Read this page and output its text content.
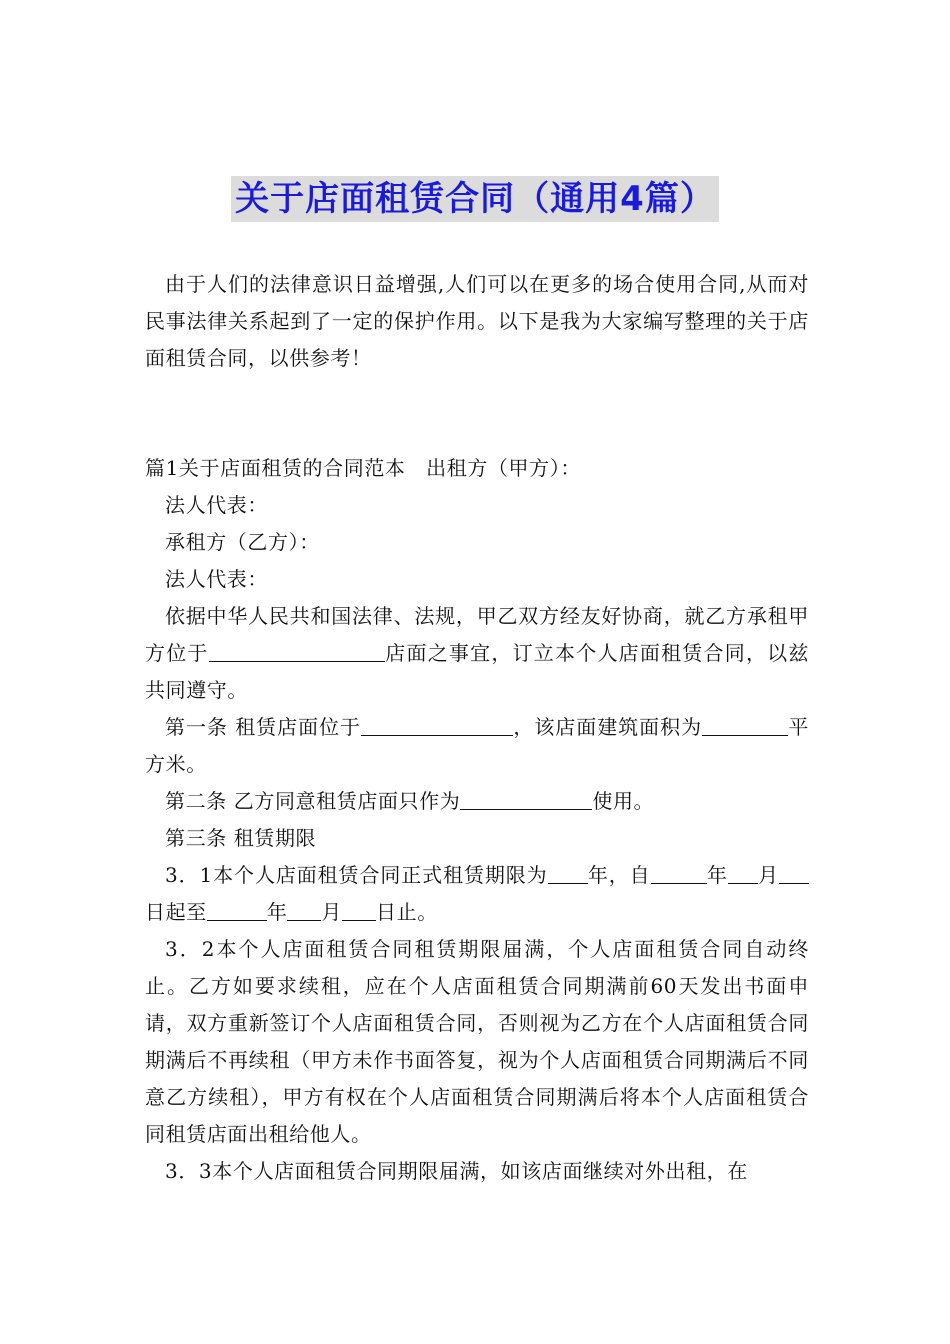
关于店面租赁合同（通用4篇）

由于人们的法律意识日益增强,人们可以在更多的场合使用合同,从而对民事法律关系起到了一定的保护作用。以下是我为大家编写整理的关于店面租赁合同，以供参考！

篇1关于店面租赁的合同范本　出租方（甲方）：

法人代表：

承租方（乙方）：

法人代表：

依据中华人民共和国法律、法规，甲乙双方经友好协商，就乙方承租甲方位于	店面之事宜，订立本个人店面租赁合同，以兹共同遵守。

第一条 租赁店面位于	，该店面建筑面积为	平方米。

第二条 乙方同意租赁店面只作为	使用。

第三条 租赁期限

3．1本个人店面租赁合同正式租赁期限为 年，自	年 月日起至	年 月 日止。

3．2本个人店面租赁合同租赁期限届满，个人店面租赁合同自动终止。乙方如要求续租，应在个人店面租赁合同期满前60天发出书面申请，双方重新签订个人店面租赁合同，否则视为乙方在个人店面租赁合同期满后不再续租（甲方未作书面答复，视为个人店面租赁合同期满后不同意乙方续租），甲方有权在个人店面租赁合同期满后将本个人店面租赁合同租赁店面出租给他人。

3．3本个人店面租赁合同期限届满，如该店面继续对外出租，在
